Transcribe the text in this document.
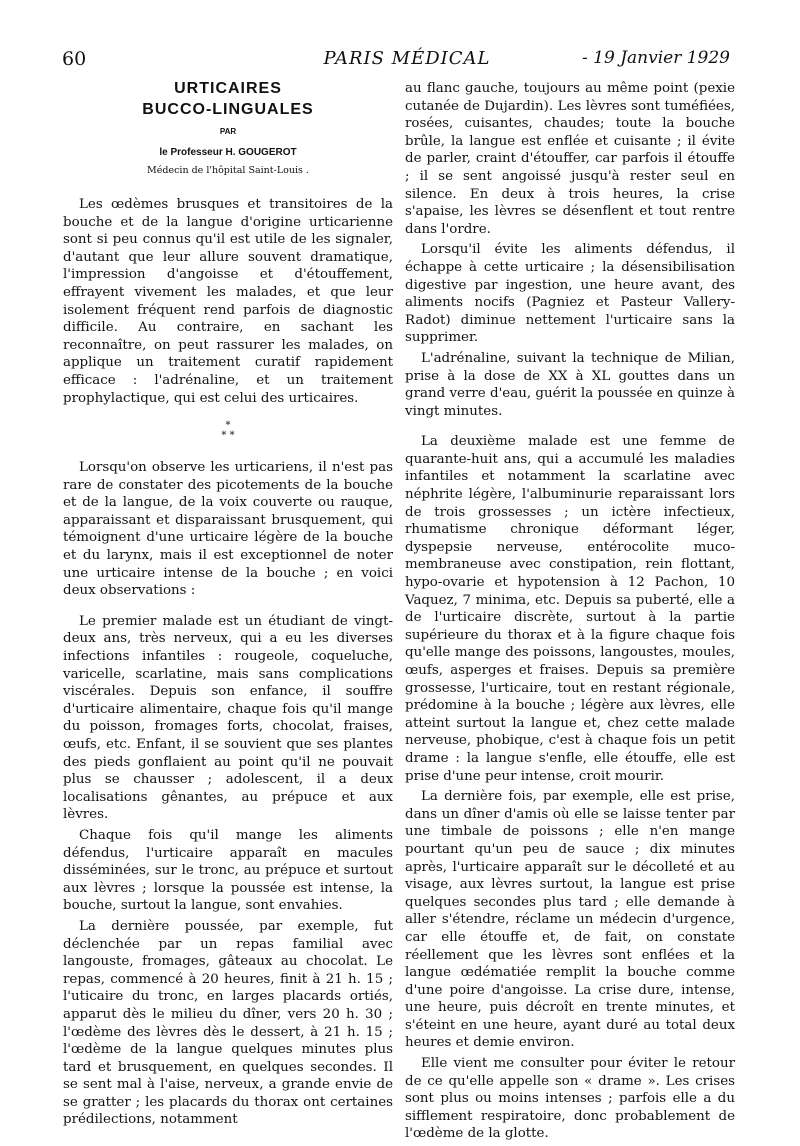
60	PARIS MÉDICAL	- 19 Janvier 1929
URTICAIRES
BUCCO-LINGUALES
PAR
le Professeur H. GOUGEROT
Médecin de l'hôpital Saint-Louis .

Les œdèmes brusques et transitoires de la bouche et de la langue d'origine urticarienne sont si peu connus qu'il est utile de les signaler, d'autant que leur allure souvent dramatique, l'impression d'angoisse et d'étouffement, effrayent vivement les malades, et que leur isolement fréquent rend parfois de diagnostic difficile. Au contraire, en sachant les reconnaître, on peut rassurer les malades, on applique un traitement curatif rapidement efficace : l'adrénaline, et un traitement prophylactique, qui est celui des urticaires.

*
* *

Lorsqu'on observe les urticariens, il n'est pas rare de constater des picotements de la bouche et de la langue, de la voix couverte ou rauque, apparaissant et disparaissant brusquement, qui témoignent d'une urticaire légère de la bouche et du larynx, mais il est exceptionnel de noter une urticaire intense de la bouche ; en voici deux observations :

Le premier malade est un étudiant de vingt-deux ans, très nerveux, qui a eu les diverses infections infantiles : rougeole, coqueluche, varicelle, scarlatine, mais sans complications viscérales. Depuis son enfance, il souffre d'urticaire alimentaire, chaque fois qu'il mange du poisson, fromages forts, chocolat, fraises, œufs, etc. Enfant, il se souvient que ses plantes des pieds gonflaient au point qu'il ne pouvait plus se chausser ; adolescent, il a deux localisations gênantes, au prépuce et aux lèvres.

Chaque fois qu'il mange les aliments défendus, l'urticaire apparaît en macules disséminées, sur le tronc, au prépuce et surtout aux lèvres ; lorsque la poussée est intense, la bouche, surtout la langue, sont envahies.

La dernière poussée, par exemple, fut déclenchée par un repas familial avec langouste, fromages, gâteaux au chocolat. Le repas, commencé à 20 heures, finit à 21 h. 15 ; l'uticaire du tronc, en larges placards ortiés, apparut dès le milieu du dîner, vers 20 h. 30 ; l'œdème des lèvres dès le dessert, à 21 h. 15 ; l'œdème de la langue quelques minutes plus tard et brusquement, en quelques secondes. Il se sent mal à l'aise, nerveux, a grande envie de se gratter ; les placards du thorax ont certaines prédilections, notamment

au flanc gauche, toujours au même point (pexie cutanée de Dujardin). Les lèvres sont tuméfiées, rosées, cuisantes, chaudes; toute la bouche brûle, la langue est enflée et cuisante ; il évite de parler, craint d'étouffer, car parfois il étouffe ; il se sent angoissé jusqu'à rester seul en silence. En deux à trois heures, la crise s'apaise, les lèvres se désenflent et tout rentre dans l'ordre.

Lorsqu'il évite les aliments défendus, il échappe à cette urticaire ; la désensibilisation digestive par ingestion, une heure avant, des aliments nocifs (Pagniez et Pasteur Vallery-Radot) diminue nettement l'urticaire sans la supprimer.

L'adrénaline, suivant la technique de Milian, prise à la dose de XX à XL gouttes dans un grand verre d'eau, guérit la poussée en quinze à vingt minutes.

La deuxième malade est une femme de quarante-huit ans, qui a accumulé les maladies infantiles et notamment la scarlatine avec néphrite légère, l'albuminurie reparaissant lors de trois grossesses ; un ictère infectieux, rhumatisme chronique déformant léger, dyspepsie nerveuse, entérocolite muco-membraneuse avec constipation, rein flottant, hypo-ovarie et hypotension à 12 Pachon, 10 Vaquez, 7 minima, etc. Depuis sa puberté, elle a de l'urticaire discrète, surtout à la partie supérieure du thorax et à la figure chaque fois qu'elle mange des poissons, langoustes, moules, œufs, asperges et fraises. Depuis sa première grossesse, l'urticaire, tout en restant régionale, prédomine à la bouche ; légère aux lèvres, elle atteint surtout la langue et, chez cette malade nerveuse, phobique, c'est à chaque fois un petit drame : la langue s'enfle, elle étouffe, elle est prise d'une peur intense, croit mourir.

La dernière fois, par exemple, elle est prise, dans un dîner d'amis où elle se laisse tenter par une timbale de poissons ; elle n'en mange pourtant qu'un peu de sauce ; dix minutes après, l'urticaire apparaît sur le décolleté et au visage, aux lèvres surtout, la langue est prise quelques secondes plus tard ; elle demande à aller s'étendre, réclame un médecin d'urgence, car elle étouffe et, de fait, on constate réellement que les lèvres sont enflées et la langue œdématiée remplit la bouche comme d'une poire d'angoisse. La crise dure, intense, une heure, puis décroît en trente minutes, et s'éteint en une heure, ayant duré au total deux heures et demie environ.

Elle vient me consulter pour éviter le retour de ce qu'elle appelle son « drame ». Les crises sont plus ou moins intenses ; parfois elle a du sifflement respiratoire, donc probablement de l'œdème de la glotte.
